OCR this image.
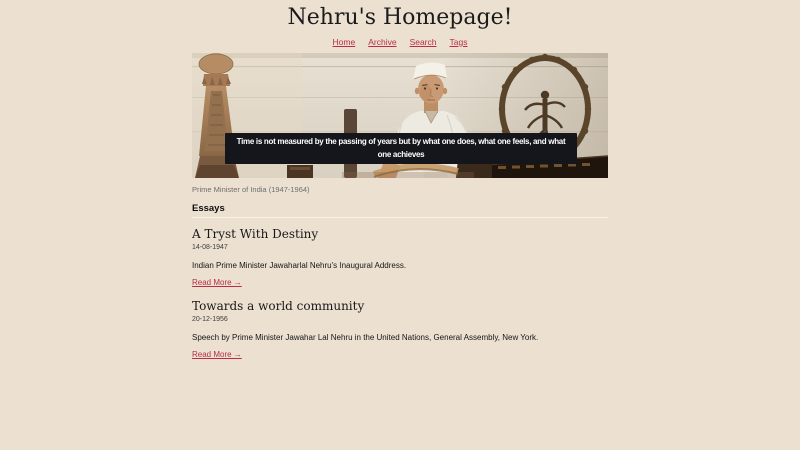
Nehru's Homepage!
Home Archive Search Tags
Time is not measured by the passing of years but by what one does, what one feels, and what one achieves
Prime Minister of India (1947-1964)
Essays
A Tryst With Destiny
14-08-1947

Indian Prime Minister Jawaharlal Nehru's Inaugural Address.

Read More →
Towards a world community
20-12-1956

Speech by Prime Minister Jawahar Lal Nehru in the United Nations, General Assembly, New York.

Read More →
